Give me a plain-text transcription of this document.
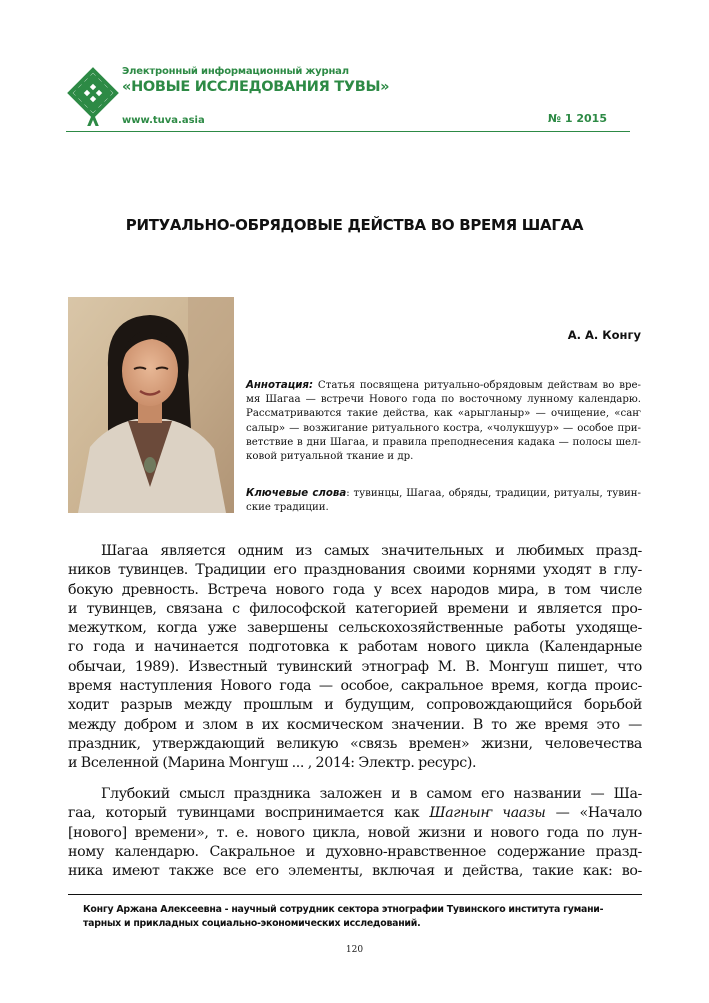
Электронный информационный журнал
«НОВЫЕ ИССЛЕДОВАНИЯ ТУВЫ»
www.tuva.asia	№ 1 2015
РИТУАЛЬНО-ОБРЯДОВЫЕ ДЕЙСТВА ВО ВРЕМЯ ШАГАА
А. А. Конгу
Аннотация: Статья посвящена ритуально-обрядовым действам во вре- мя Шагаа — встречи Нового года по восточному лунному календарю. Рассматриваются такие действа, как «арыгланыр» — очищение, «саҥ салыр» — возжигание ритуального костра, «чолукшуур» — особое при- ветствие в дни Шагаа, и правила преподнесения кадака — полосы шел- ковой ритуальной ткание и др.
Ключевые слова: тувинцы, Шагаа, обряды, традиции, ритуалы, тувин- ские традиции.
Шагаа является одним из самых значительных и любимых празд-
ников тувинцев. Традиции его празднования своими корнями уходят в глу-
бокую древность. Встреча нового года у всех народов мира, в том числе
и тувинцев, связана с философской категорией времени и является про-
межутком, когда уже завершены сельскохозяйственные работы уходяще-
го года и начинается подготовка к работам нового цикла (Календарные
обычаи, 1989). Известный тувинский этнограф М. В. Монгуш пишет, что
время наступления Нового года — особое, сакральное время, когда проис-
ходит разрыв между прошлым и будущим, сопровождающийся борьбой
между добром и злом в их космическом значении. В то же время это —
праздник, утверждающий великую «связь времен» жизни, человечества
и Вселенной (Марина Монгуш ... , 2014: Электр. ресурс).
Глубокий смысл праздника заложен и в самом его названии — Ша-
гаа, который тувинцами воспринимается как Шагныҥ чаазы — «Начало
[нового] времени», т. е. нового цикла, новой жизни и нового года по лун-
ному календарю. Сакральное и духовно-нравственное содержание празд-
ника имеют также все его элементы, включая и действа, такие как: во-
Конгу Аржана Алексеевна - научный сотрудник сектора этнографии Тувинского института гумани-
тарных и прикладных социально-экономических исследований.
120
